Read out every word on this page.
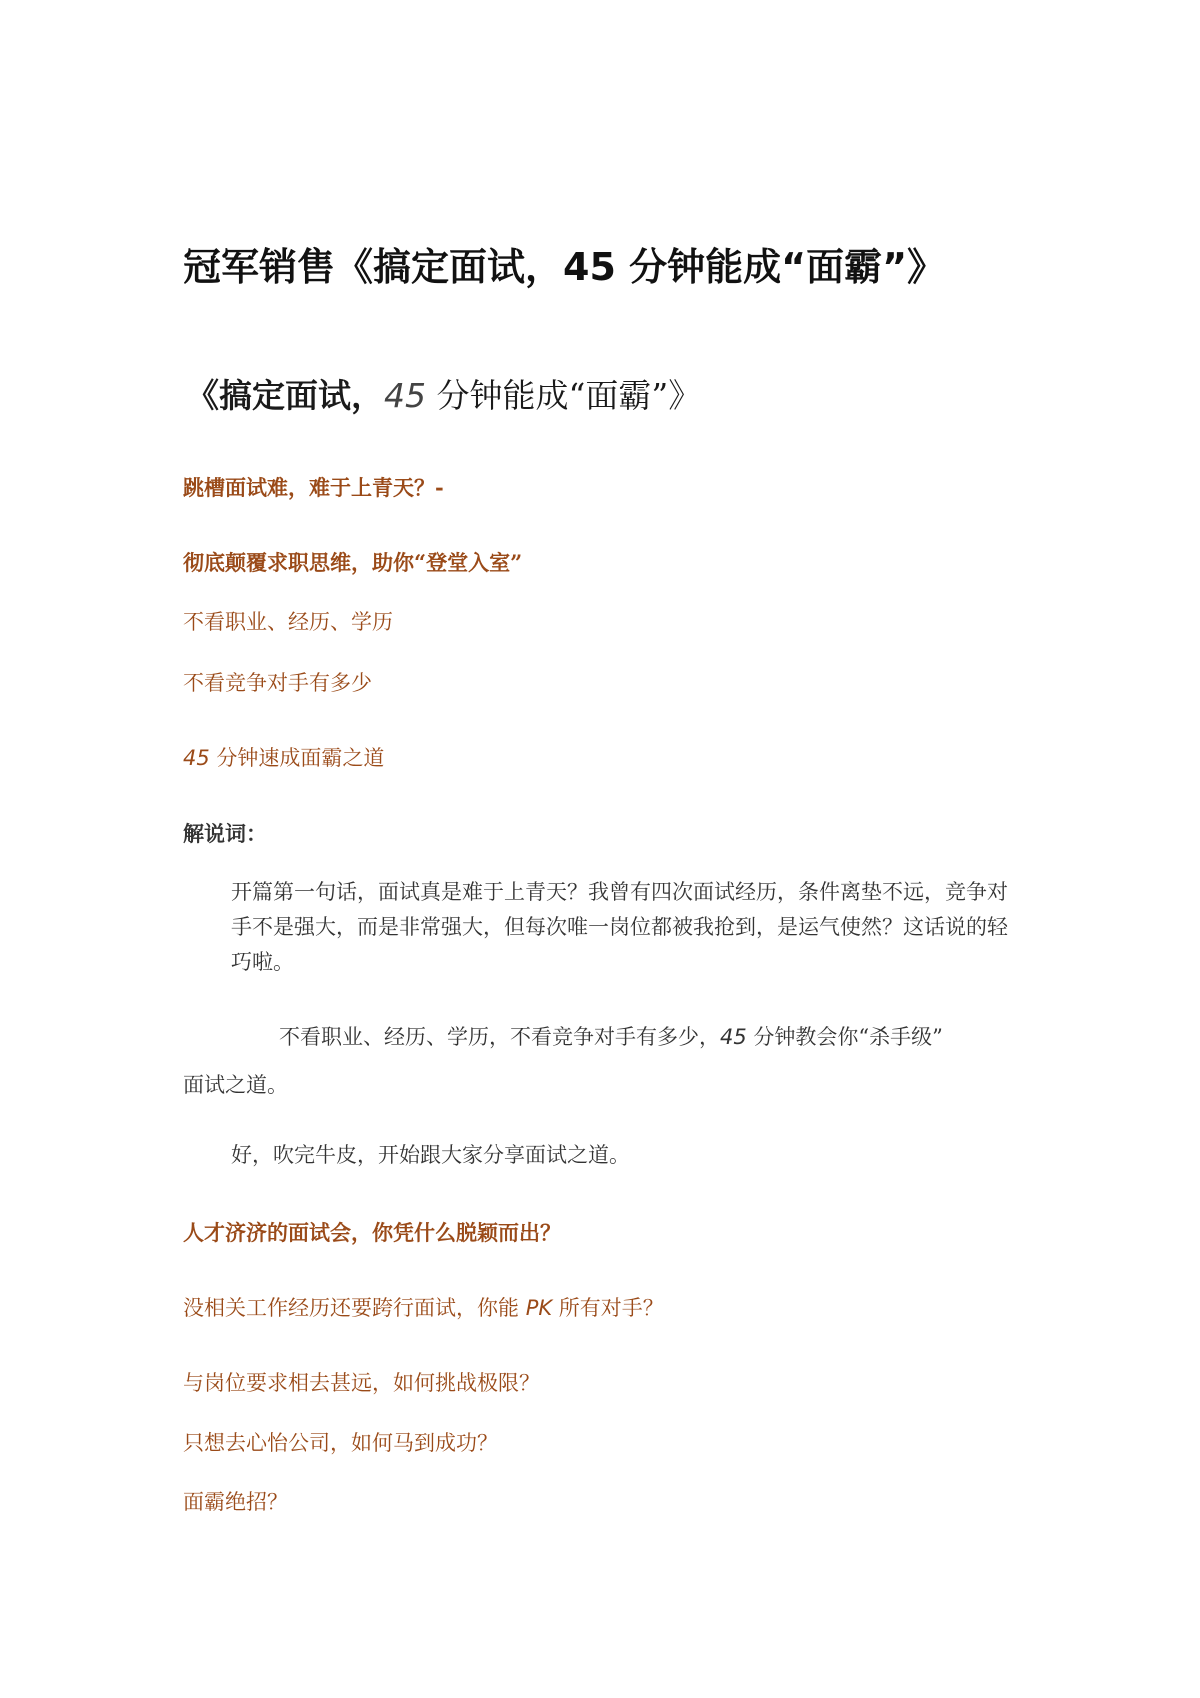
冠军销售《搞定面试，45 分钟能成“面霸”》
《搞定面试，45 分钟能成“面霸”》

跳槽面试难，难于上青天？-

彻底颠覆求职思维，助你“登堂入室”

不看职业、经历、学历

不看竞争对手有多少

45 分钟速成面霸之道

解说词：

开篇第一句话，面试真是难于上青天？我曾有四次面试经历，条件离垫不远，竞争对手不是强大，而是非常强大，但每次唯一岗位都被我抢到，是运气使然？这话说的轻巧啦。

不看职业、经历、学历，不看竞争对手有多少，45 分钟教会你“杀手级”
面试之道。

好，吹完牛皮，开始跟大家分享面试之道。

人才济济的面试会，你凭什么脱颖而出？

没相关工作经历还要跨行面试，你能 PK 所有对手？

与岗位要求相去甚远，如何挑战极限？

只想去心怡公司，如何马到成功？

面霸绝招？
